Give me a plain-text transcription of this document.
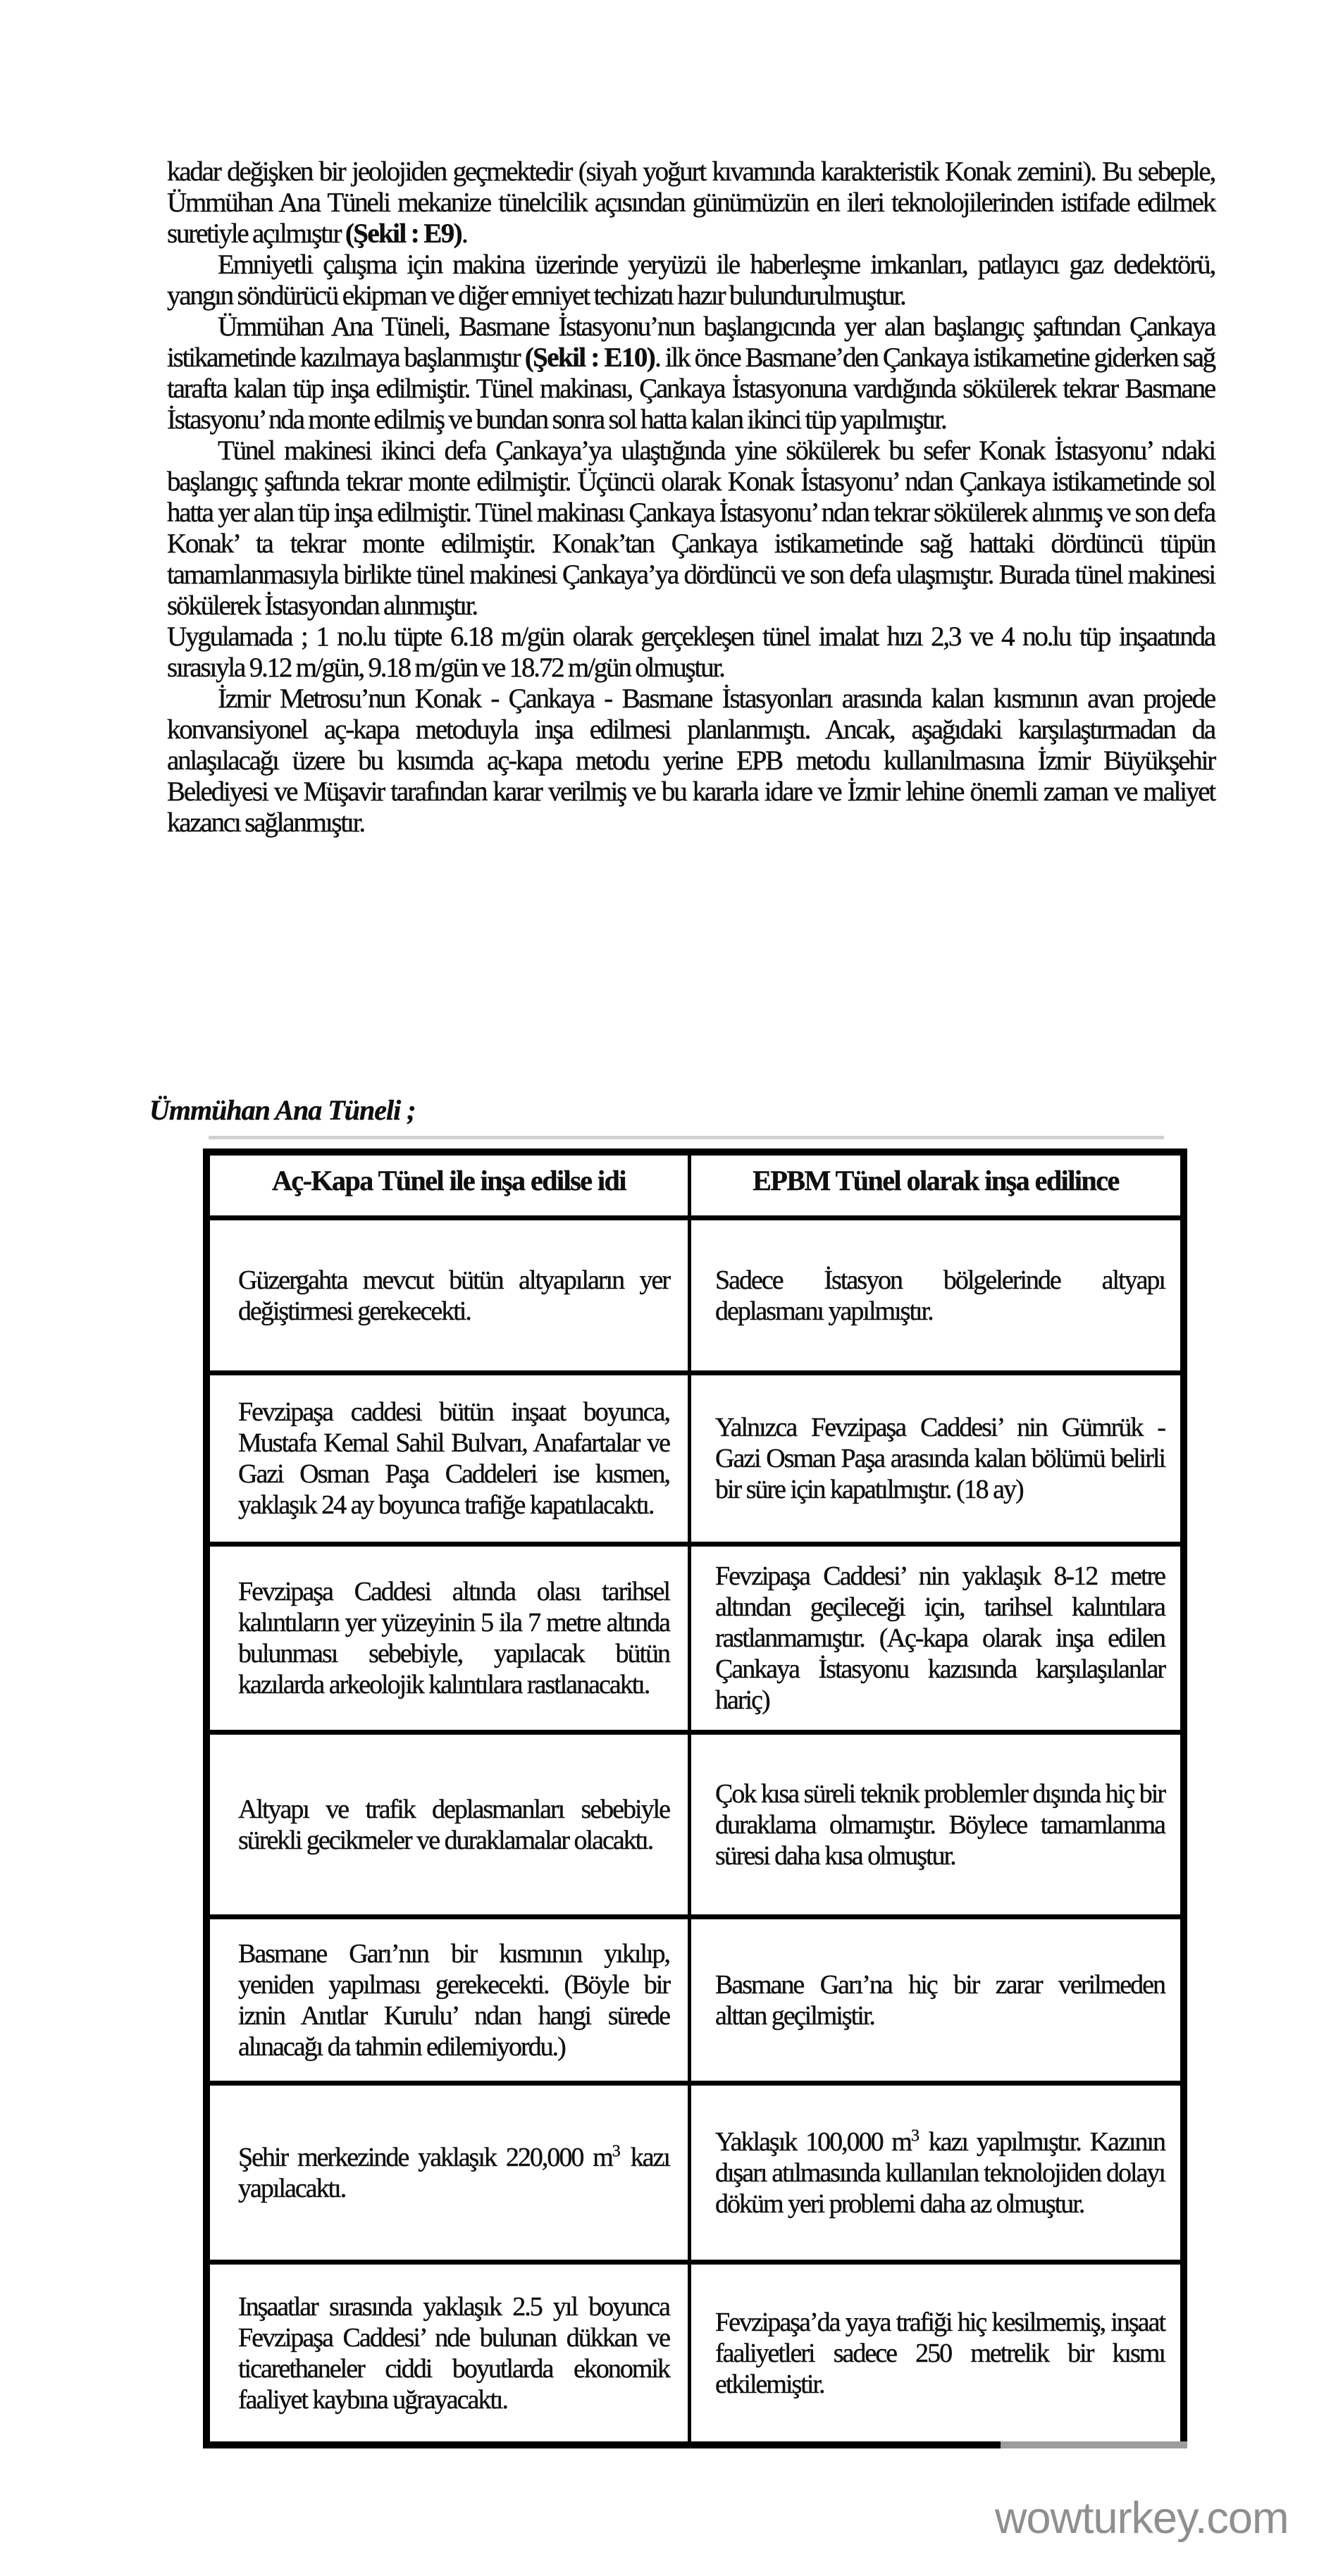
kadar değişken bir jeolojiden geçmektedir (siyah yoğurt kıvamında karakteristik Konak zemini). Bu sebeple, Ümmühan Ana Tüneli mekanize tünelcilik açısından günümüzün en ileri teknolojilerinden istifade edilmek suretiyle açılmıştır (Şekil : E9).

Emniyetli çalışma için makina üzerinde yeryüzü ile haberleşme imkanları, patlayıcı gaz dedektörü, yangın söndürücü ekipman ve diğer emniyet techizatı hazır bulundurulmuştur.

Ümmühan Ana Tüneli, Basmane İstasyonu’nun başlangıcında yer alan başlangıç şaftından Çankaya istikametinde kazılmaya başlanmıştır (Şekil : E10). ilk önce Basmane’den Çankaya istikametine giderken sağ tarafta kalan tüp inşa edilmiştir. Tünel makinası, Çankaya İstasyonuna vardığında sökülerek tekrar Basmane İstasyonu’ nda monte edilmiş ve bundan sonra sol hatta kalan ikinci tüp yapılmıştır.

Tünel makinesi ikinci defa Çankaya’ya ulaştığında yine sökülerek bu sefer Konak İstasyonu’ ndaki başlangıç şaftında tekrar monte edilmiştir. Üçüncü olarak Konak İstasyonu’ ndan Çankaya istikametinde sol hatta yer alan tüp inşa edilmiştir. Tünel makinası Çankaya İstasyonu’ ndan tekrar sökülerek alınmış ve son defa Konak’ ta tekrar monte edilmiştir. Konak’tan Çankaya istikametinde sağ hattaki dördüncü tüpün tamamlanmasıyla birlikte tünel makinesi Çankaya’ya dördüncü ve son defa ulaşmıştır. Burada tünel makinesi sökülerek İstasyondan alınmıştır.

Uygulamada ; 1 no.lu tüpte 6.18 m/gün olarak gerçekleşen tünel imalat hızı 2,3 ve 4 no.lu tüp inşaatında sırasıyla 9.12 m/gün, 9.18 m/gün ve 18.72 m/gün olmuştur.

İzmir Metrosu’nun Konak - Çankaya - Basmane İstasyonları arasında kalan kısmının avan projede konvansiyonel aç-kapa metoduyla inşa edilmesi planlanmıştı. Ancak, aşağıdaki karşılaştırmadan da anlaşılacağı üzere bu kısımda aç-kapa metodu yerine EPB metodu kullanılmasına İzmir Büyükşehir Belediyesi ve Müşavir tarafından karar verilmiş ve bu kararla idare ve İzmir lehine önemli zaman ve maliyet kazancı sağlanmıştır.

Ümmühan Ana Tüneli ;
Aç-Kapa Tünel ile inşa edilse idi	EPBM Tünel olarak inşa edilince
Güzergahta mevcut bütün altyapıların yer değiştirmesi gerekecekti.	Sadece İstasyon bölgelerinde altyapı deplasmanı yapılmıştır.
Fevzipaşa caddesi bütün inşaat boyunca, Mustafa Kemal Sahil Bulvarı, Anafartalar ve Gazi Osman Paşa Caddeleri ise kısmen, yaklaşık 24 ay boyunca trafiğe kapatılacaktı.	Yalnızca Fevzipaşa Caddesi’ nin Gümrük - Gazi Osman Paşa arasında kalan bölümü belirli bir süre için kapatılmıştır. (18 ay)
Fevzipaşa Caddesi altında olası tarihsel kalıntıların yer yüzeyinin 5 ila 7 metre altında bulunması sebebiyle, yapılacak bütün kazılarda arkeolojik kalıntılara rastlanacaktı.	Fevzipaşa Caddesi’ nin yaklaşık 8-12 metre altından geçileceği için, tarihsel kalıntılara rastlanmamıştır. (Aç-kapa olarak inşa edilen Çankaya İstasyonu kazısında karşılaşılanlar hariç)
Altyapı ve trafik deplasmanları sebebiyle sürekli gecikmeler ve duraklamalar olacaktı.	Çok kısa süreli teknik problemler dışında hiç bir duraklama olmamıştır. Böylece tamamlanma süresi daha kısa olmuştur.
Basmane Garı’nın bir kısmının yıkılıp, yeniden yapılması gerekecekti. (Böyle bir iznin Anıtlar Kurulu’ ndan hangi sürede alınacağı da tahmin edilemiyordu.)	Basmane Garı’na hiç bir zarar verilmeden alttan geçilmiştir.
Şehir merkezinde yaklaşık 220,000 $m^3$ kazı yapılacaktı.	Yaklaşık 100,000 $m^3$ kazı yapılmıştır. Kazının dışarı atılmasında kullanılan teknolojiden dolayı döküm yeri problemi daha az olmuştur.
Inşaatlar sırasında yaklaşık 2.5 yıl boyunca Fevzipaşa Caddesi’ nde bulunan dükkan ve ticarethaneler ciddi boyutlarda ekonomik faaliyet kaybına uğrayacaktı.	Fevzipaşa’da yaya trafiği hiç kesilmemiş, inşaat faaliyetleri sadece 250 metrelik bir kısmı etkilemiştir.
wowturkey.com
